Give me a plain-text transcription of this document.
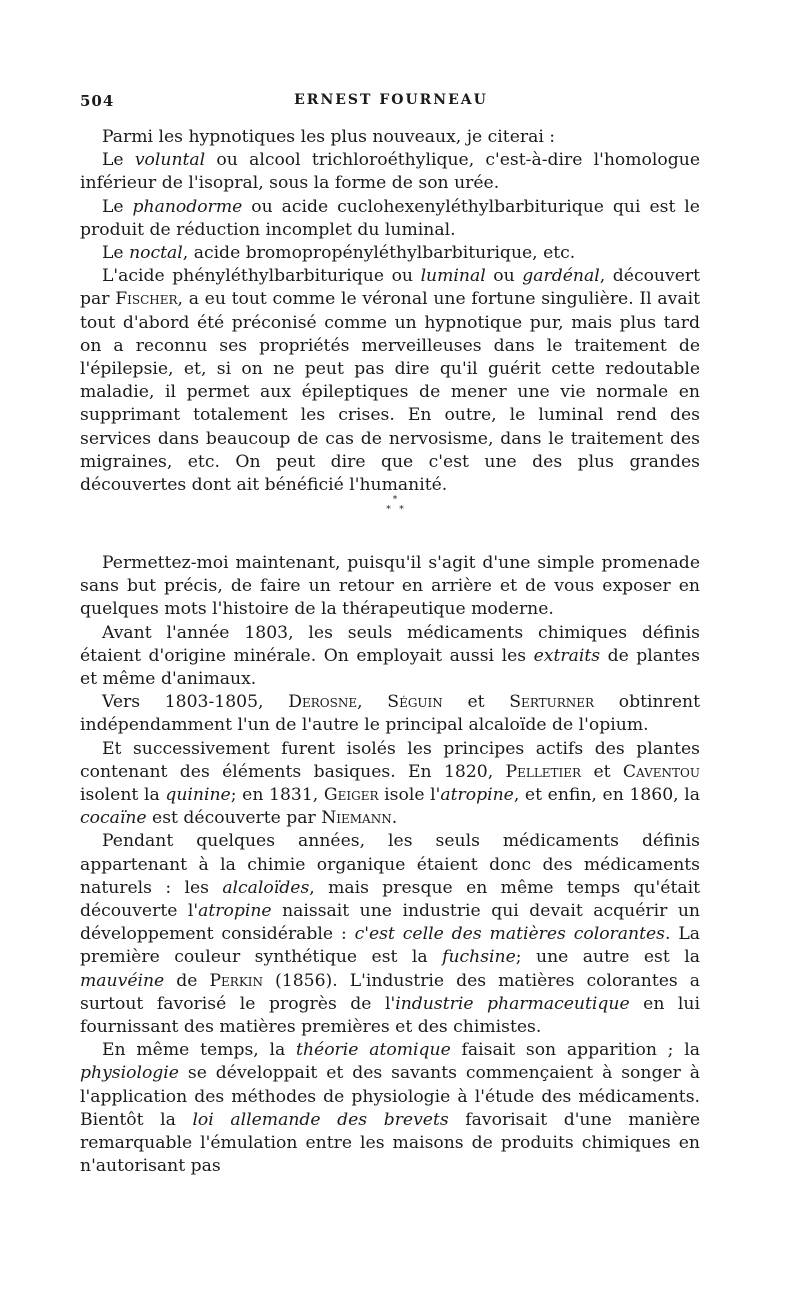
504	ERNEST FOURNEAU

Parmi les hypnotiques les plus nouveaux, je citerai :

Le voluntal ou alcool trichloroéthylique, c'est-à-dire l'homologue inférieur de l'isopral, sous la forme de son urée.

Le phanodorme ou acide cuclohexenyléthylbarbiturique qui est le produit de réduction incomplet du luminal.

Le noctal, acide bromopropényléthylbarbiturique, etc.

L'acide phényléthylbarbiturique ou luminal ou gardénal, découvert par Fischer, a eu tout comme le véronal une fortune singulière. Il avait tout d'abord été préconisé comme un hypnotique pur, mais plus tard on a reconnu ses propriétés merveilleuses dans le traitement de l'épilepsie, et, si on ne peut pas dire qu'il guérit cette redoutable maladie, il permet aux épileptiques de mener une vie normale en supprimant totalement les crises. En outre, le luminal rend des services dans beaucoup de cas de nervosisme, dans le traitement des migraines, etc. On peut dire que c'est une des plus grandes découvertes dont ait bénéficié l'humanité.

*
*   *

Permettez-moi maintenant, puisqu'il s'agit d'une simple promenade sans but précis, de faire un retour en arrière et de vous exposer en quelques mots l'histoire de la thérapeutique moderne.

Avant l'année 1803, les seuls médicaments chimiques définis étaient d'origine minérale. On employait aussi les extraits de plantes et même d'animaux.

Vers 1803-1805, Derosne, Séguin et Serturner obtinrent indépendamment l'un de l'autre le principal alcaloïde de l'opium.

Et successivement furent isolés les principes actifs des plantes contenant des éléments basiques. En 1820, Pelletier et Caventou isolent la quinine; en 1831, Geiger isole l'atropine, et enfin, en 1860, la cocaïne est découverte par Niemann.

Pendant quelques années, les seuls médicaments définis appartenant à la chimie organique étaient donc des médicaments naturels : les alcaloïdes, mais presque en même temps qu'était découverte l'atropine naissait une industrie qui devait acquérir un développement considérable : c'est celle des matières colorantes. La première couleur synthétique est la fuchsine; une autre est la mauvéine de Perkin (1856). L'industrie des matières colorantes a surtout favorisé le progrès de l'industrie pharmaceutique en lui fournissant des matières premières et des chimistes.

En même temps, la théorie atomique faisait son apparition ; la physiologie se développait et des savants commençaient à songer à l'application des méthodes de physiologie à l'étude des médicaments. Bientôt la loi allemande des brevets favorisait d'une manière remarquable l'émulation entre les maisons de produits chimiques en n'autorisant pas
